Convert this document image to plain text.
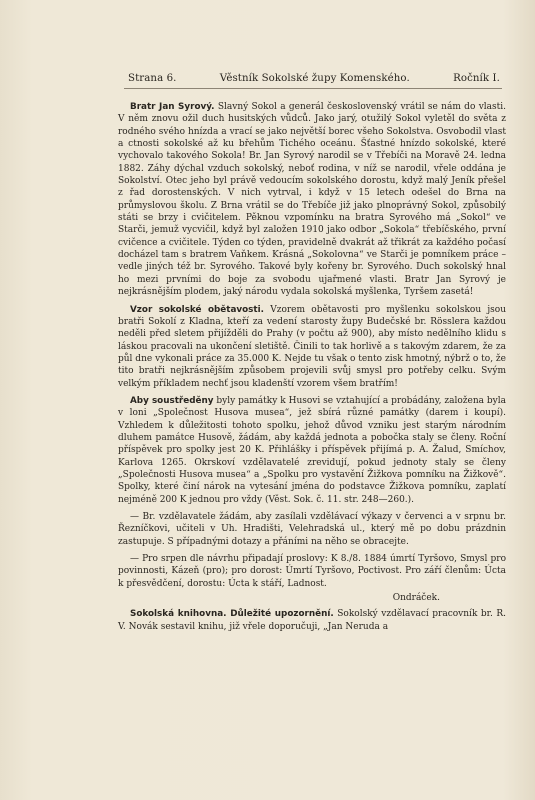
Strana 6.	Věstník Sokolské župy Komenského.	Ročník I.

Bratr Jan Syrový. Slavný Sokol a generál československý vrátil se nám do vlasti. V něm znovu ožil duch husitských vůdců. Jako jarý, otužilý Sokol vyletěl do světa z rodného svého hnízda a vrací se jako největší borec všeho Sokolstva. Osvobodil vlast a ctnosti sokolské až ku břehům Tichého oceánu. Šťastné hnízdo sokolské, které vychovalo takového Sokola! Br. Jan Syrový narodil se v Třebíči na Moravě 24. ledna 1882. Záhy dýchal vzduch sokolský, neboť rodina, v níž se narodil, vřele oddána je Sokolství. Otec jeho byl právě vedoucím sokolského dorostu, když malý Jeník přešel z řad dorostenských. V nich vytrval, i když v 15 letech odešel do Brna na průmyslovou školu. Z Brna vrátil se do Třebíče již jako plnoprávný Sokol, způsobilý státi se brzy i cvičitelem. Pěknou vzpomínku na bratra Syrového má „Sokol“ ve Starči, jemuž vycvičil, když byl založen 1910 jako odbor „Sokola“ třebíčského, první cvičence a cvičitele. Týden co týden, pravidelně dvakrát až třikrát za každého počasí docházel tam s bratrem Vaňkem. Krásná „Sokolovna“ ve Starči je pomníkem práce – vedle jiných též br. Syrového. Takové byly kořeny br. Syrového. Duch sokolský hnal ho mezi prvními do boje za svobodu ujařmené vlasti. Bratr Jan Syrový je nejkrásnějším plodem, jaký národu vydala sokolská myšlenka, Tyršem zasetá!

Vzor sokolské obětavosti. Vzorem obětavosti pro myšlenku sokolskou jsou bratři Sokolí z Kladna, kteří za vedení starosty župy Budečské br. Rösslera každou neděli před sletem přijížděli do Prahy (v počtu až 900), aby místo nedělního klidu s láskou pracovali na ukončení sletiště. Činili to tak horlivě a s takovým zdarem, že za půl dne vykonali práce za 35.000 K. Nejde tu však o tento zisk hmotný, nýbrž o to, že tito bratři nejkrásnějším způsobem projevili svůj smysl pro potřeby celku. Svým velkým příkladem nechť jsou kladenští vzorem všem bratřím!

Aby soustředěny byly památky k Husovi se vztahující a probádány, založena byla v loni „Společnost Husova musea“, jež sbírá různé památky (darem i koupí). Vzhledem k důležitosti tohoto spolku, jehož důvod vzniku jest starým národním dluhem památce Husově, žádám, aby každá jednota a pobočka staly se členy. Roční příspěvek pro spolky jest 20 K. Přihlášky i příspěvek přijímá p. A. Žalud, Smíchov, Karlova 1265. Okrskoví vzdělavatelé zrevidují, pokud jednoty staly se členy „Společnosti Husova musea“ a „Spolku pro vystavění Žižkova pomníku na Žižkově“. Spolky, které činí nárok na vytesání jména do podstavce Žižkova pomníku, zaplatí nejméně 200 K jednou pro vždy (Věst. Sok. č. 11. str. 248—260.).

— Br. vzdělavatele žádám, aby zasílali vzdělávací výkazy v červenci a v srpnu br. Řezníčkovi, učiteli v Uh. Hradišti, Velehradská ul., který mě po dobu prázdnin zastupuje. S případnými dotazy a přáními na něho se obracejte.

— Pro srpen dle návrhu připadají proslovy: K 8./8. 1884 úmrtí Tyršovo, Smysl pro povinnosti, Kázeň (pro); pro dorost: Úmrtí Tyršovo, Poctivost. Pro září členům: Úcta k přesvědčení, dorostu: Úcta k stáří, Ladnost.

Ondráček.

Sokolská knihovna. Důležité upozornění. Sokolský vzdělavací pracovník br. R. V. Novák sestavil knihu, již vřele doporučuji, „Jan Neruda a
